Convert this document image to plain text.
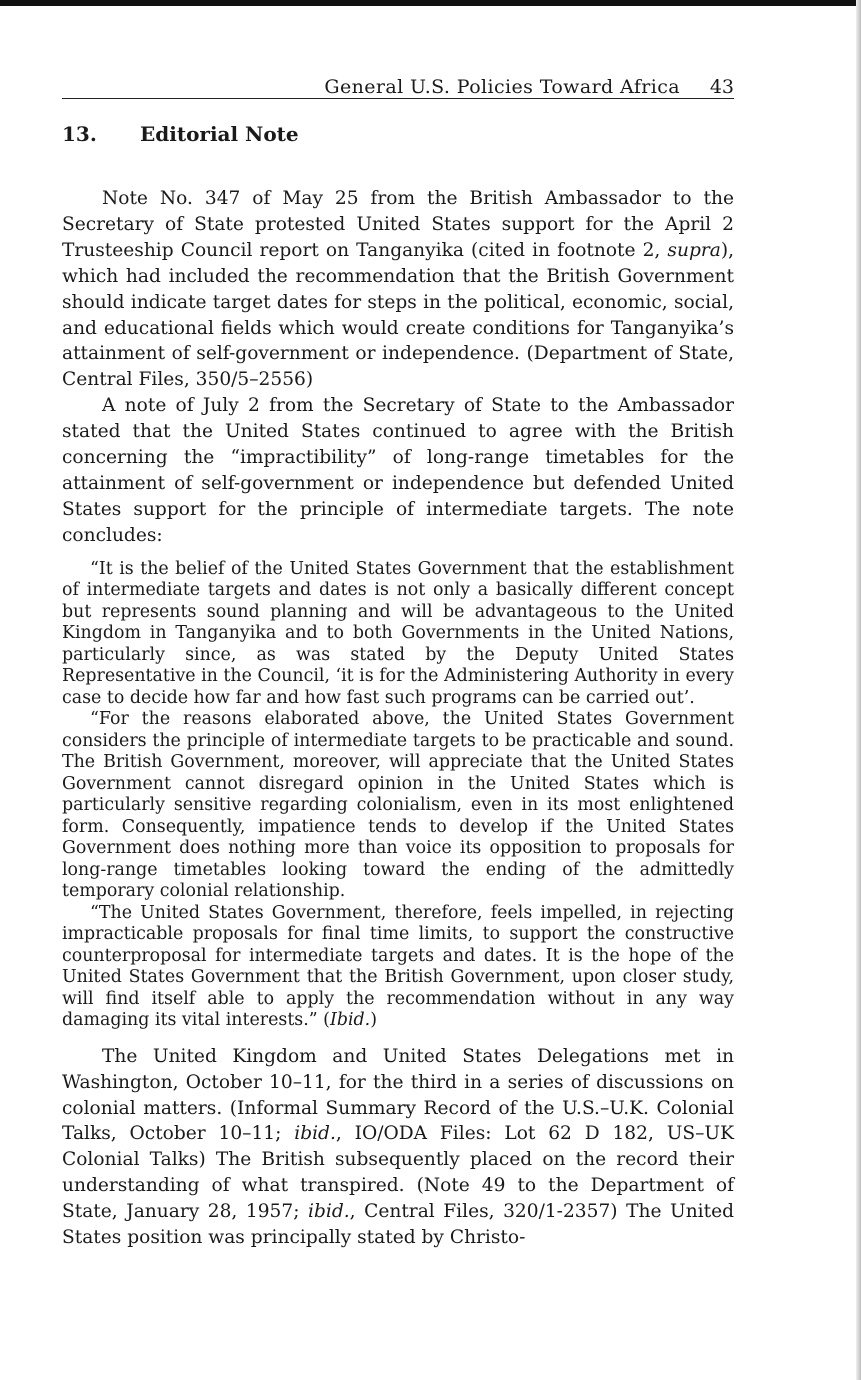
General U.S. Policies Toward Africa 43
13. Editorial Note

Note No. 347 of May 25 from the British Ambassador to the Secretary of State protested United States support for the April 2 Trusteeship Council report on Tanganyika (cited in footnote 2, supra), which had included the recommendation that the British Government should indicate target dates for steps in the political, economic, social, and educational fields which would create conditions for Tanganyika’s attainment of self-government or independence. (Department of State, Central Files, 350/5–2556)

A note of July 2 from the Secretary of State to the Ambassador stated that the United States continued to agree with the British concerning the “impractibility” of long-range timetables for the attainment of self-government or independence but defended United States support for the principle of intermediate targets. The note concludes:

“It is the belief of the United States Government that the establishment of intermediate targets and dates is not only a basically different concept but represents sound planning and will be advantageous to the United Kingdom in Tanganyika and to both Governments in the United Nations, particularly since, as was stated by the Deputy United States Representative in the Council, ‘it is for the Administering Authority in every case to decide how far and how fast such programs can be carried out’.

“For the reasons elaborated above, the United States Government considers the principle of intermediate targets to be practicable and sound. The British Government, moreover, will appreciate that the United States Government cannot disregard opinion in the United States which is particularly sensitive regarding colonialism, even in its most enlightened form. Consequently, impatience tends to develop if the United States Government does nothing more than voice its opposition to proposals for long-range timetables looking toward the ending of the admittedly temporary colonial relationship.

“The United States Government, therefore, feels impelled, in rejecting impracticable proposals for final time limits, to support the constructive counterproposal for intermediate targets and dates. It is the hope of the United States Government that the British Government, upon closer study, will find itself able to apply the recommendation without in any way damaging its vital interests.” (Ibid.)

The United Kingdom and United States Delegations met in Washington, October 10–11, for the third in a series of discussions on colonial matters. (Informal Summary Record of the U.S.–U.K. Colonial Talks, October 10–11; ibid., IO/ODA Files: Lot 62 D 182, US–UK Colonial Talks) The British subsequently placed on the record their understanding of what transpired. (Note 49 to the Department of State, January 28, 1957; ibid., Central Files, 320/1-2357) The United States position was principally stated by Christo-
